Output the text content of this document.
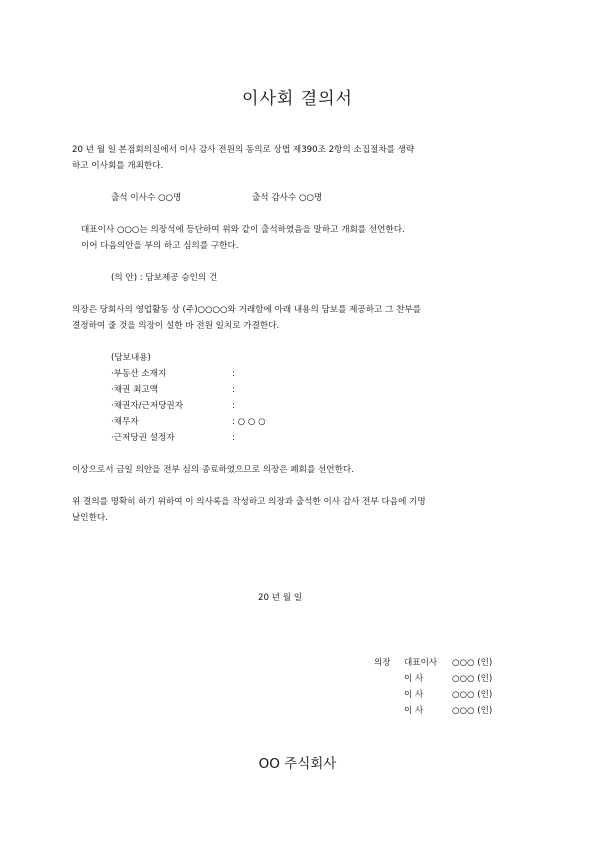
이사회 결의서
20 년 월 일 본점회의실에서 이사 감사 전원의 동의로 상법 제390조 2항의 소집절차를 생략
하고 이사회를 개최한다.
출석 이사수 ○○명	출석 감사수 ○○명
대표이사 ○○○는 의장석에 등단하여 위와 같이 출석하였음을 말하고 개회를 선언한다.
이어 다음의안을 부의 하고 심의를 구한다.
(의 안) : 담보제공 승인의 건
의장은 당회사의 영업활동 상 (주)○○○○와 거래함에 아래 내용의 담보를 제공하고 그 찬부를
결정하여 줄 것을 의장이 설한 바 전원 일치로 가결한다.
(담보내용)
·부동산 소재지	:
·채권 최고액	:
·채권자/근저당권자	:
·채무자	: ○ ○ ○
·근저당권 설정자	:
이상으로서 금일 의안을 전부 심의 종료하였으므로 의장은 폐회를 선언한다.
위 결의를 명확히 하기 위하여 이 의사록을 작성하고 의장과 출석한 이사 감사 전부 다음에 기명
날인한다.
20 년 월 일
의장 대표이사 ○○○ (인)
이 사	○○○ (인)
이 사	○○○ (인)
이 사	○○○ (인)
OO 주식회사
